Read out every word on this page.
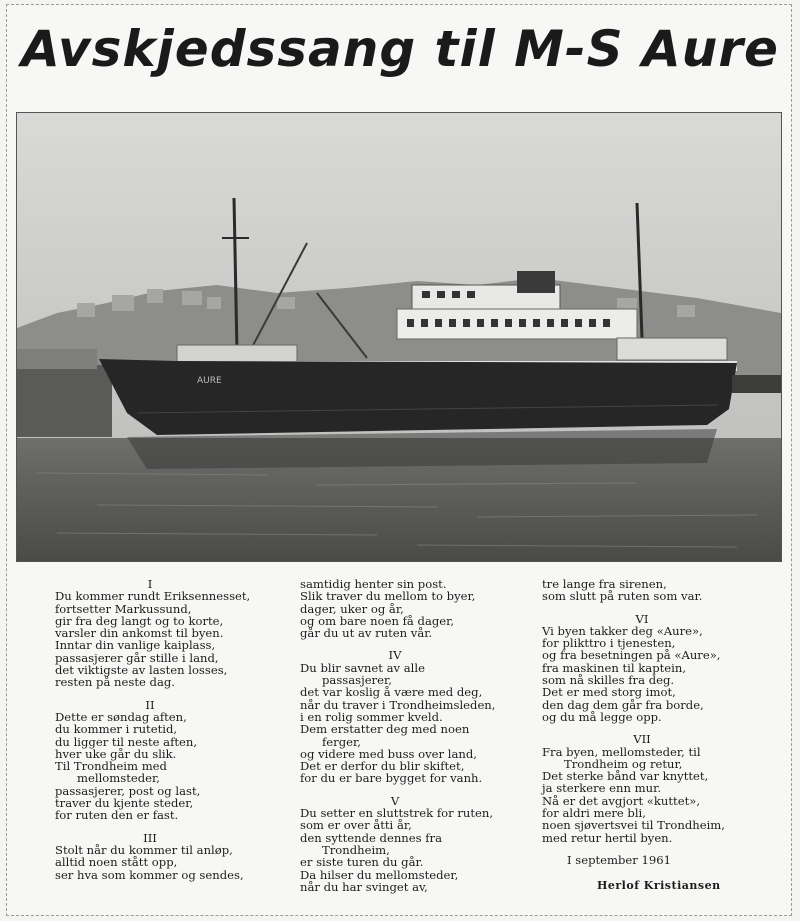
Avskjedssang til M-S Aure
AURE
I
Du kommer rundt Eriksennesset,
fortsetter Markussund,
gir fra deg langt og to korte,
varsler din ankomst til byen.
Inntar din vanlige kaiplass,
passasjerer går stille i land,
det viktigste av lasten losses,
resten på neste dag.
II
Dette er søndag aften,
du kommer i rutetid,
du ligger til neste aften,
hver uke går du slik.
Til Trondheim med
mellomsteder,
passasjerer, post og last,
traver du kjente steder,
for ruten den er fast.
III
Stolt når du kommer til anløp,
alltid noen stått opp,
ser hva som kommer og sendes,
samtidig henter sin post.
Slik traver du mellom to byer,
dager, uker og år,
og om bare noen få dager,
går du ut av ruten vår.
IV
Du blir savnet av alle
passasjerer,
det var koslig å være med deg,
når du traver i Trondheimsleden,
i en rolig sommer kveld.
Dem erstatter deg med noen
ferger,
og videre med buss over land,
Det er derfor du blir skiftet,
for du er bare bygget for vanh.
V
Du setter en sluttstrek for ruten,
som er over åtti år,
den syttende dennes fra
Trondheim,
er siste turen du går.
Da hilser du mellomsteder,
når du har svinget av,
tre lange fra sirenen,
som slutt på ruten som var.
VI
Vi byen takker deg «Aure»,
for plikttro i tjenesten,
og fra besetningen på «Aure»,
fra maskinen til kaptein,
som nå skilles fra deg.
Det er med storg imot,
den dag dem går fra borde,
og du må legge opp.
VII
Fra byen, mellomsteder, til
Trondheim og retur,
Det sterke bånd var knyttet,
ja sterkere enn mur.
Nå er det avgjort «kuttet»,
for aldri mere bli,
noen sjøvertsvei til Trondheim,
med retur hertil byen.
I september 1961
Herlof Kristiansen
